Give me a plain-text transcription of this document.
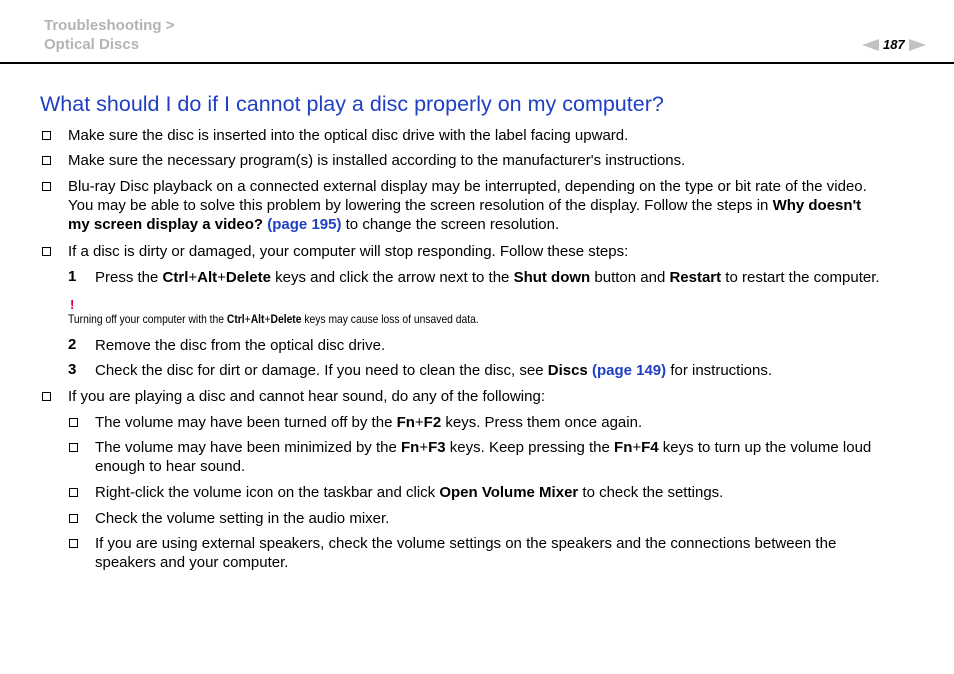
Troubleshooting >
Optical Discs	187
What should I do if I cannot play a disc properly on my computer?
Make sure the disc is inserted into the optical disc drive with the label facing upward.
Make sure the necessary program(s) is installed according to the manufacturer's instructions.
Blu-ray Disc playback on a connected external display may be interrupted, depending on the type or bit rate of the video.
You may be able to solve this problem by lowering the screen resolution of the display. Follow the steps in Why doesn't
my screen display a video? (page 195) to change the screen resolution.
If a disc is dirty or damaged, your computer will stop responding. Follow these steps:
1 Press the Ctrl+Alt+Delete keys and click the arrow next to the Shut down button and Restart to restart the computer.
!
Turning off your computer with the Ctrl+Alt+Delete keys may cause loss of unsaved data.
2 Remove the disc from the optical disc drive.
3 Check the disc for dirt or damage. If you need to clean the disc, see Discs (page 149) for instructions.
If you are playing a disc and cannot hear sound, do any of the following:
The volume may have been turned off by the Fn+F2 keys. Press them once again.
The volume may have been minimized by the Fn+F3 keys. Keep pressing the Fn+F4 keys to turn up the volume loud
enough to hear sound.
Right-click the volume icon on the taskbar and click Open Volume Mixer to check the settings.
Check the volume setting in the audio mixer.
If you are using external speakers, check the volume settings on the speakers and the connections between the
speakers and your computer.
